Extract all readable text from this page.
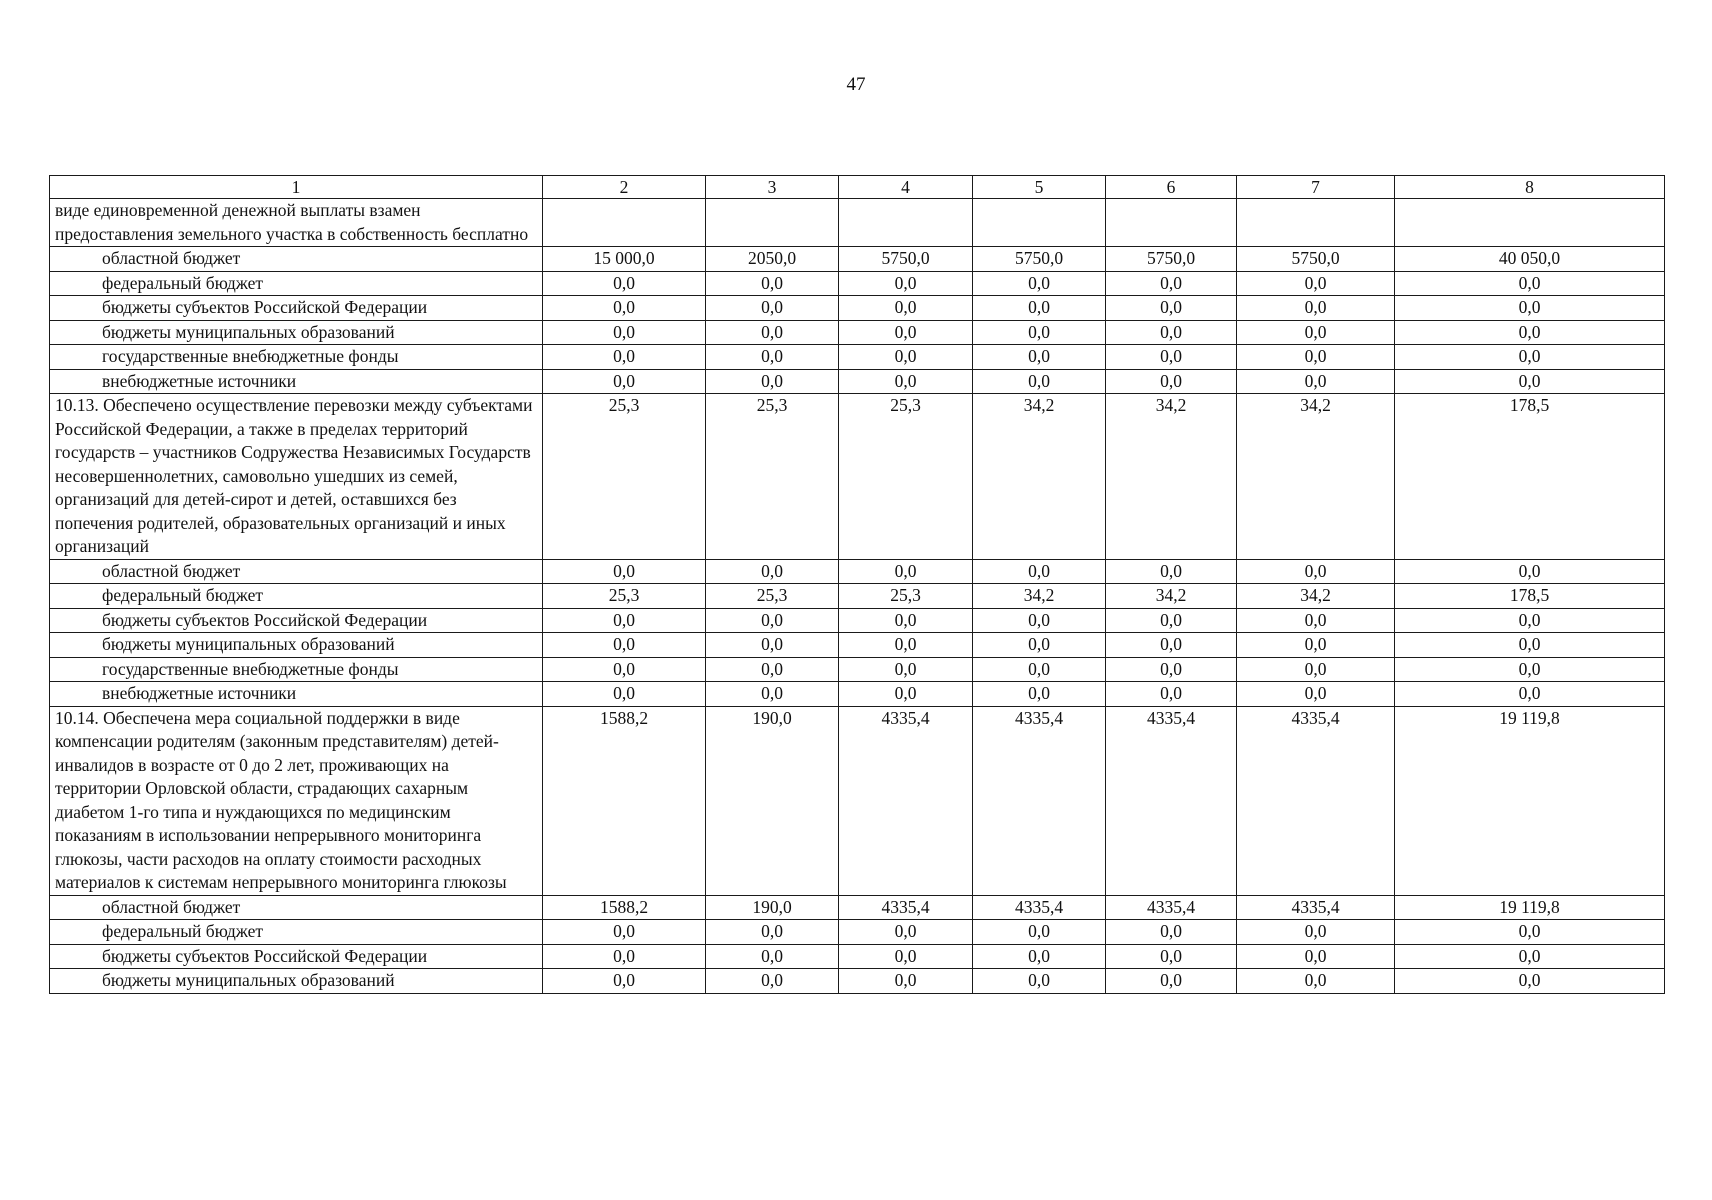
47
1	2	3	4	5	6	7	8
виде единовременной денежной выплаты взамен предоставления земельного участка в собственность бесплатно							
областной бюджет	15 000,0	2050,0	5750,0	5750,0	5750,0	5750,0	40 050,0
федеральный бюджет	0,0	0,0	0,0	0,0	0,0	0,0	0,0
бюджеты субъектов Российской Федерации	0,0	0,0	0,0	0,0	0,0	0,0	0,0
бюджеты муниципальных образований	0,0	0,0	0,0	0,0	0,0	0,0	0,0
государственные внебюджетные фонды	0,0	0,0	0,0	0,0	0,0	0,0	0,0
внебюджетные источники	0,0	0,0	0,0	0,0	0,0	0,0	0,0
10.13. Обеспечено осуществление перевозки между субъектами Российской Федерации, а также в пределах территорий государств – участников Содружества Независимых Государств несовершеннолетних, самовольно ушедших из семей, организаций для детей-сирот и детей, оставшихся без попечения родителей, образовательных организаций и иных организаций	25,3	25,3	25,3	34,2	34,2	34,2	178,5
областной бюджет	0,0	0,0	0,0	0,0	0,0	0,0	0,0
федеральный бюджет	25,3	25,3	25,3	34,2	34,2	34,2	178,5
бюджеты субъектов Российской Федерации	0,0	0,0	0,0	0,0	0,0	0,0	0,0
бюджеты муниципальных образований	0,0	0,0	0,0	0,0	0,0	0,0	0,0
государственные внебюджетные фонды	0,0	0,0	0,0	0,0	0,0	0,0	0,0
внебюджетные источники	0,0	0,0	0,0	0,0	0,0	0,0	0,0
10.14. Обеспечена мера социальной поддержки в виде компенсации родителям (законным представителям) детей-инвалидов в возрасте от 0 до 2 лет, проживающих на территории Орловской области, страдающих сахарным диабетом 1-го типа и нуждающихся по медицинским показаниям в использовании непрерывного мониторинга глюкозы, части расходов на оплату стоимости расходных материалов к системам непрерывного мониторинга глюкозы	1588,2	190,0	4335,4	4335,4	4335,4	4335,4	19 119,8
областной бюджет	1588,2	190,0	4335,4	4335,4	4335,4	4335,4	19 119,8
федеральный бюджет	0,0	0,0	0,0	0,0	0,0	0,0	0,0
бюджеты субъектов Российской Федерации	0,0	0,0	0,0	0,0	0,0	0,0	0,0
бюджеты муниципальных образований	0,0	0,0	0,0	0,0	0,0	0,0	0,0
